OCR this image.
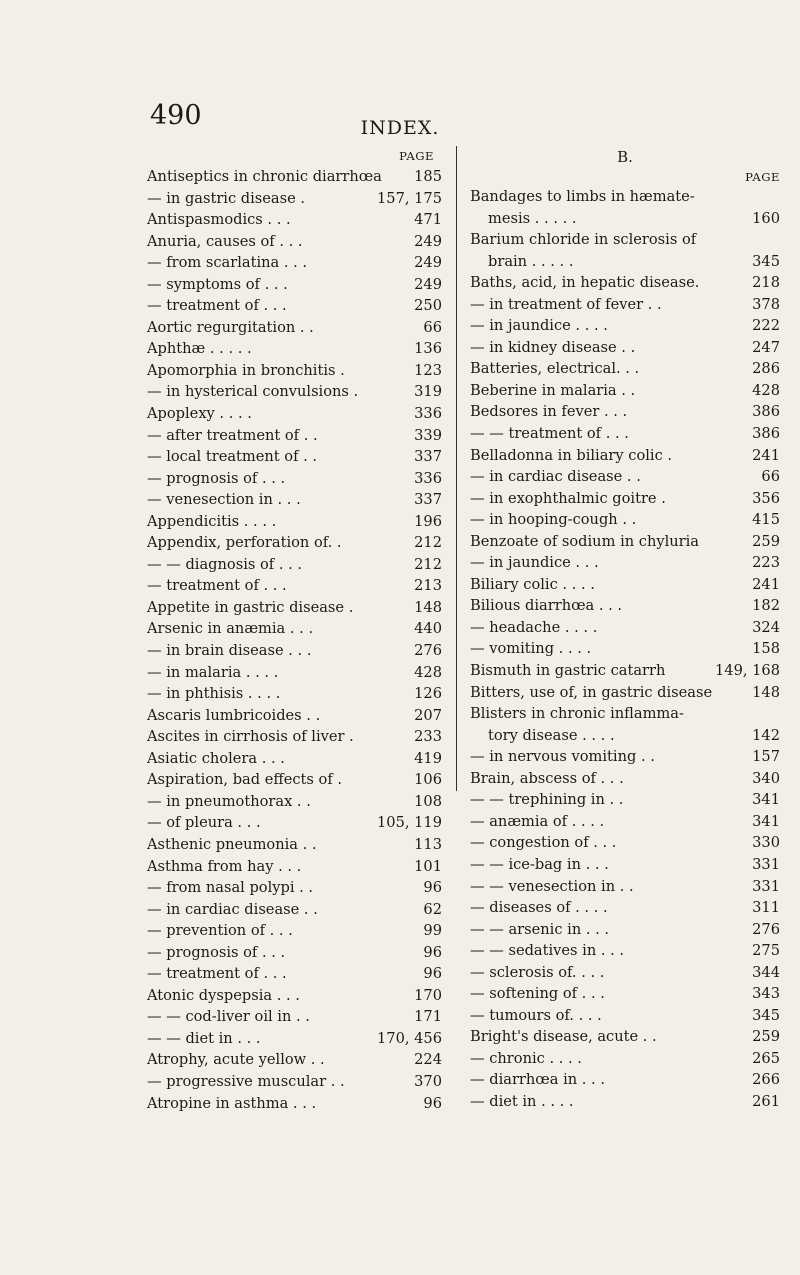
490	INDEX.
PAGE
Antiseptics in chronic diarrhœa 185
— in gastric disease .	157, 175
Antispasmodics . . .	471
Anuria, causes of . . .	249
— from scarlatina . . .	249
— symptoms of . . .	249
— treatment of . . .	250
Aortic regurgitation . .	66
Aphthæ . . . . .	136
Apomorphia in bronchitis .	123
— in hysterical convulsions .	319
Apoplexy . . . .	336
— after treatment of . .	339
— local treatment of . .	337
— prognosis of . . .	336
— venesection in . . .	337
Appendicitis . . . .	196
Appendix, perforation of. .	212
— — diagnosis of . . .	212
— treatment of . . .	213
Appetite in gastric disease .	148
Arsenic in anæmia . . .	440
— in brain disease . . .	276
— in malaria . . . .	428
— in phthisis . . . .	126
Ascaris lumbricoides . .	207
Ascites in cirrhosis of liver .	233
Asiatic cholera . . .	419
Aspiration, bad effects of .	106
— in pneumothorax . .	108
— of pleura . . .	105, 119
Asthenic pneumonia . .	113
Asthma from hay . . .	101
— from nasal polypi . .	96
— in cardiac disease . .	62
— prevention of . . .	99
— prognosis of . . .	96
— treatment of . . .	96
Atonic dyspepsia . . .	170
— — cod-liver oil in . .	171
— — diet in . . .	170, 456
Atrophy, acute yellow . .	224
— progressive muscular . .	370
Atropine in asthma . . .	96
B.
PAGE
Bandages to limbs in hæmate-
mesis . . . . .	160
Barium chloride in sclerosis of
brain . . . . .	345
Baths, acid, in hepatic disease.	218
— in treatment of fever . .	378
— in jaundice . . . .	222
— in kidney disease . .	247
Batteries, electrical. . .	286
Beberine in malaria . .	428
Bedsores in fever . . .	386
— — treatment of . . .	386
Belladonna in biliary colic .	241
— in cardiac disease . .	66
— in exophthalmic goitre .	356
— in hooping-cough . .	415
Benzoate of sodium in chyluria	259
— in jaundice . . .	223
Biliary colic . . . .	241
Bilious diarrhœa . . .	182
— headache . . . .	324
— vomiting . . . .	158
Bismuth in gastric catarrh	149, 168
Bitters, use of, in gastric disease	148
Blisters in chronic inflamma-
tory disease . . . .	142
— in nervous vomiting . .	157
Brain, abscess of . . .	340
— — trephining in . .	341
— anæmia of . . . .	341
— congestion of . . .	330
— — ice-bag in . . .	331
— — venesection in . .	331
— diseases of . . . .	311
— — arsenic in . . .	276
— — sedatives in . . .	275
— sclerosis of. . . .	344
— softening of . . .	343
— tumours of. . . .	345
Bright's disease, acute . .	259
— chronic . . . .	265
— diarrhœa in . . .	266
— diet in . . . .	261
